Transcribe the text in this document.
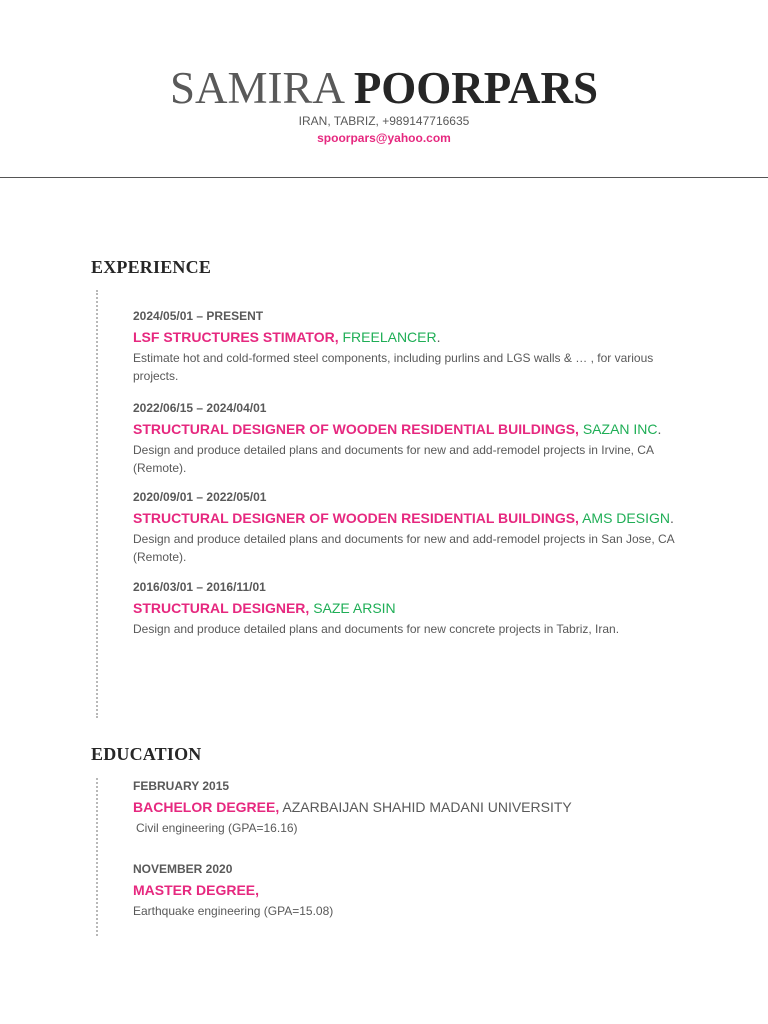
SAMIRA POORPARS
IRAN, TABRIZ, +989147716635
spoorpars@yahoo.com
EXPERIENCE
2024/05/01 – PRESENT
LSF STRUCTURES STIMATOR, FREELANCER.
Estimate hot and cold-formed steel components, including purlins and LGS walls & … , for various projects.
2022/06/15 – 2024/04/01
STRUCTURAL DESIGNER OF WOODEN RESIDENTIAL BUILDINGS, SAZAN INC.
Design and produce detailed plans and documents for new and add-remodel projects in Irvine, CA (Remote).
2020/09/01 – 2022/05/01
STRUCTURAL DESIGNER OF WOODEN RESIDENTIAL BUILDINGS, AMS DESIGN.
Design and produce detailed plans and documents for new and add-remodel projects in San Jose, CA (Remote).
2016/03/01 – 2016/11/01
STRUCTURAL DESIGNER, SAZE ARSIN
Design and produce detailed plans and documents for new concrete projects in Tabriz, Iran.
EDUCATION
FEBRUARY 2015
BACHELOR DEGREE, AZARBAIJAN SHAHID MADANI UNIVERSITY
Civil engineering (GPA=16.16)
NOVEMBER 2020
MASTER DEGREE,
Earthquake engineering (GPA=15.08)
